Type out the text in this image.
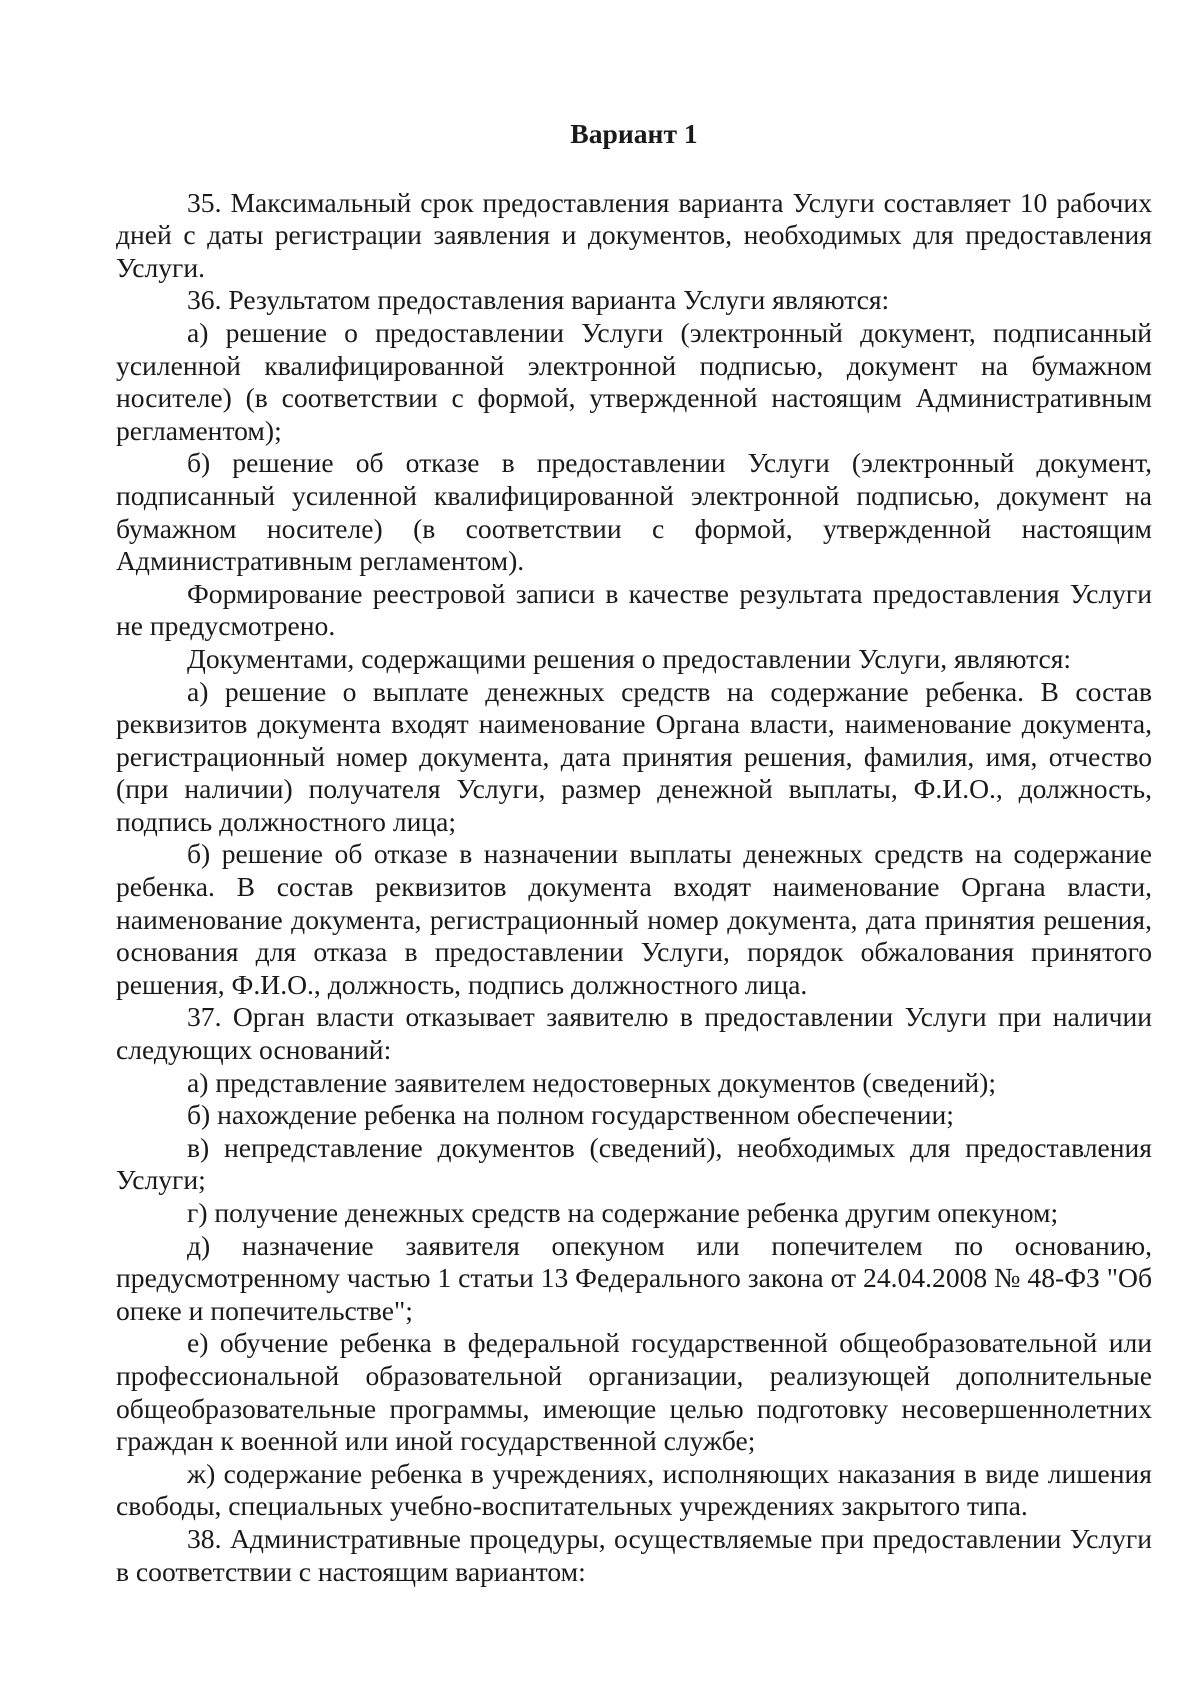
Вариант 1

35. Максимальный срок предоставления варианта Услуги составляет 10 рабочих дней с даты регистрации заявления и документов, необходимых для предоставления Услуги.

36. Результатом предоставления варианта Услуги являются:

а) решение о предоставлении Услуги (электронный документ, подписанный усиленной квалифицированной электронной подписью, документ на бумажном носителе) (в соответствии с формой, утвержденной настоящим Административным регламентом);

б) решение об отказе в предоставлении Услуги (электронный документ, подписанный усиленной квалифицированной электронной подписью, документ на бумажном носителе) (в соответствии с формой, утвержденной настоящим Административным регламентом).

Формирование реестровой записи в качестве результата предоставления Услуги не предусмотрено.

Документами, содержащими решения о предоставлении Услуги, являются:

а) решение о выплате денежных средств на содержание ребенка. В состав реквизитов документа входят наименование Органа власти, наименование документа, регистрационный номер документа, дата принятия решения, фамилия, имя, отчество (при наличии) получателя Услуги, размер денежной выплаты, Ф.И.О., должность, подпись должностного лица;

б) решение об отказе в назначении выплаты денежных средств на содержание ребенка. В состав реквизитов документа входят наименование Органа власти, наименование документа, регистрационный номер документа, дата принятия решения, основания для отказа в предоставлении Услуги, порядок обжалования принятого решения, Ф.И.О., должность, подпись должностного лица.

37. Орган власти отказывает заявителю в предоставлении Услуги при наличии следующих оснований:

а) представление заявителем недостоверных документов (сведений);

б) нахождение ребенка на полном государственном обеспечении;

в) непредставление документов (сведений), необходимых для предоставления Услуги;

г) получение денежных средств на содержание ребенка другим опекуном;

д) назначение заявителя опекуном или попечителем по основанию, предусмотренному частью 1 статьи 13 Федерального закона от 24.04.2008 № 48-ФЗ "Об опеке и попечительстве";

е) обучение ребенка в федеральной государственной общеобразовательной или профессиональной образовательной организации, реализующей дополнительные общеобразовательные программы, имеющие целью подготовку несовершеннолетних граждан к военной или иной государственной службе;

ж) содержание ребенка в учреждениях, исполняющих наказания в виде лишения свободы, специальных учебно-воспитательных учреждениях закрытого типа.

38. Административные процедуры, осуществляемые при предоставлении Услуги в соответствии с настоящим вариантом:
